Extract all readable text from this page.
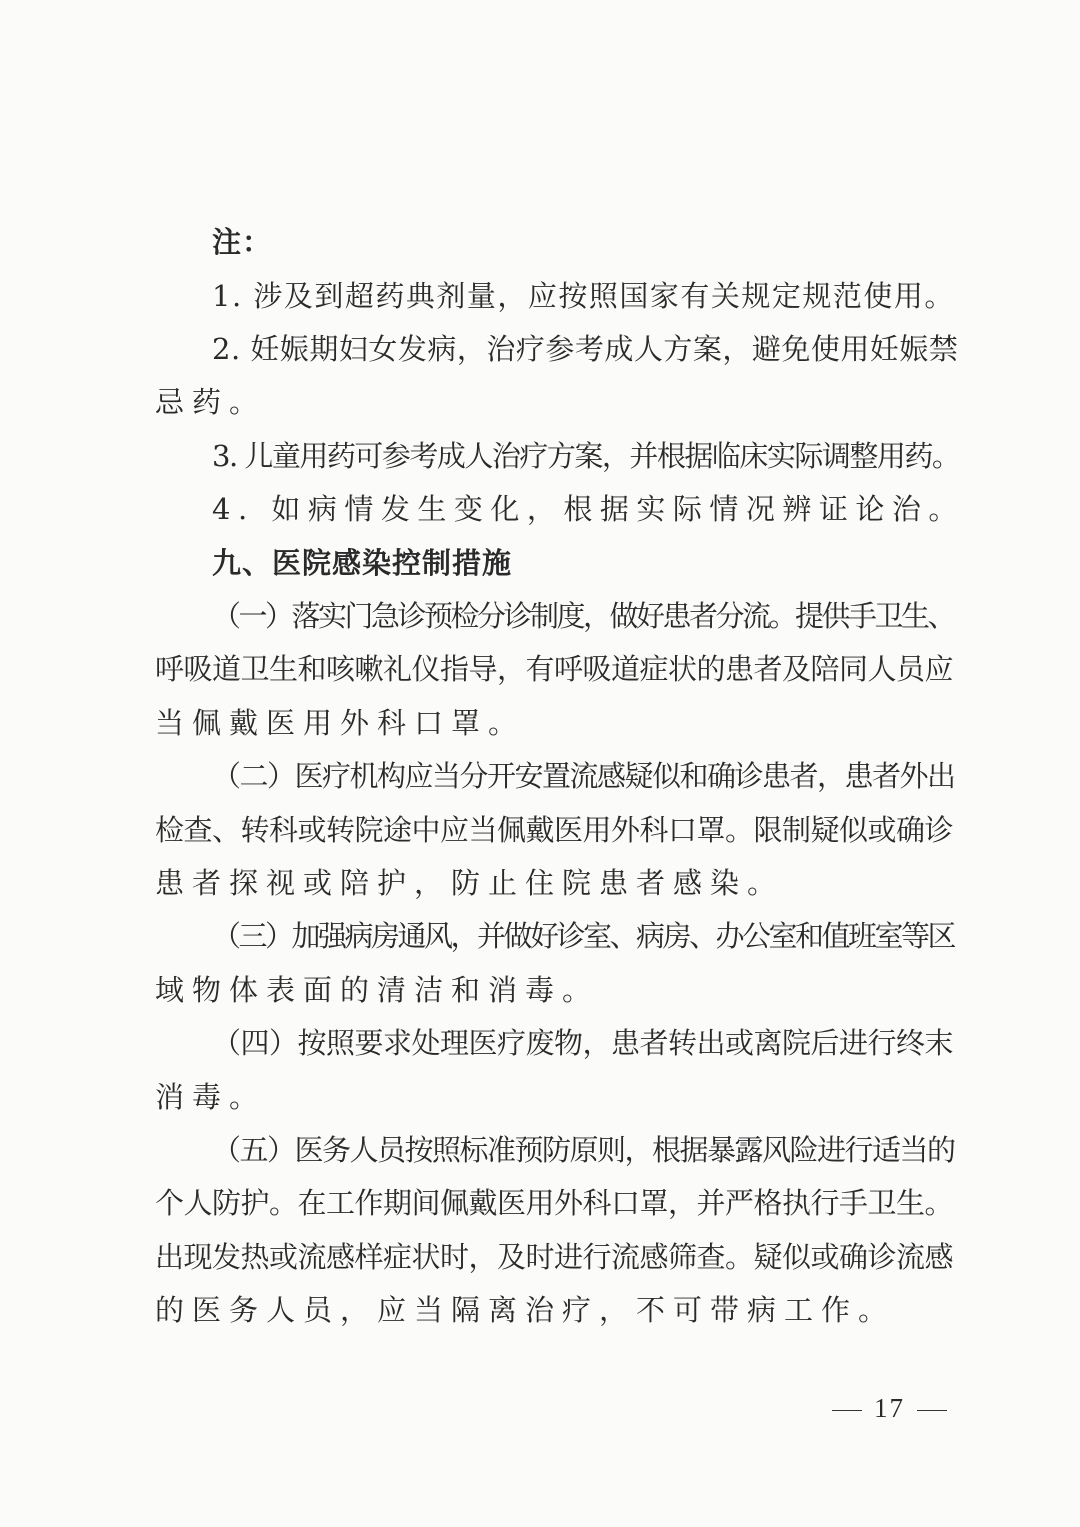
注：
1. 涉及到超药典剂量，应按照国家有关规定规范使用。
2. 妊娠期妇女发病，治疗参考成人方案，避免使用妊娠禁
忌药。
3. 儿童用药可参考成人治疗方案，并根据临床实际调整用药。
4. 如病情发生变化，根据实际情况辨证论治。
九、医院感染控制措施
（一）落实门急诊预检分诊制度，做好患者分流。提供手卫生、
呼吸道卫生和咳嗽礼仪指导，有呼吸道症状的患者及陪同人员应
当佩戴医用外科口罩。
（二）医疗机构应当分开安置流感疑似和确诊患者，患者外出
检查、转科或转院途中应当佩戴医用外科口罩。限制疑似或确诊
患者探视或陪护，防止住院患者感染。
（三）加强病房通风，并做好诊室、病房、办公室和值班室等区
域物体表面的清洁和消毒。
（四）按照要求处理医疗废物，患者转出或离院后进行终末
消毒。
（五）医务人员按照标准预防原则，根据暴露风险进行适当的
个人防护。在工作期间佩戴医用外科口罩，并严格执行手卫生。
出现发热或流感样症状时，及时进行流感筛查。疑似或确诊流感
的医务人员，应当隔离治疗，不可带病工作。
17
